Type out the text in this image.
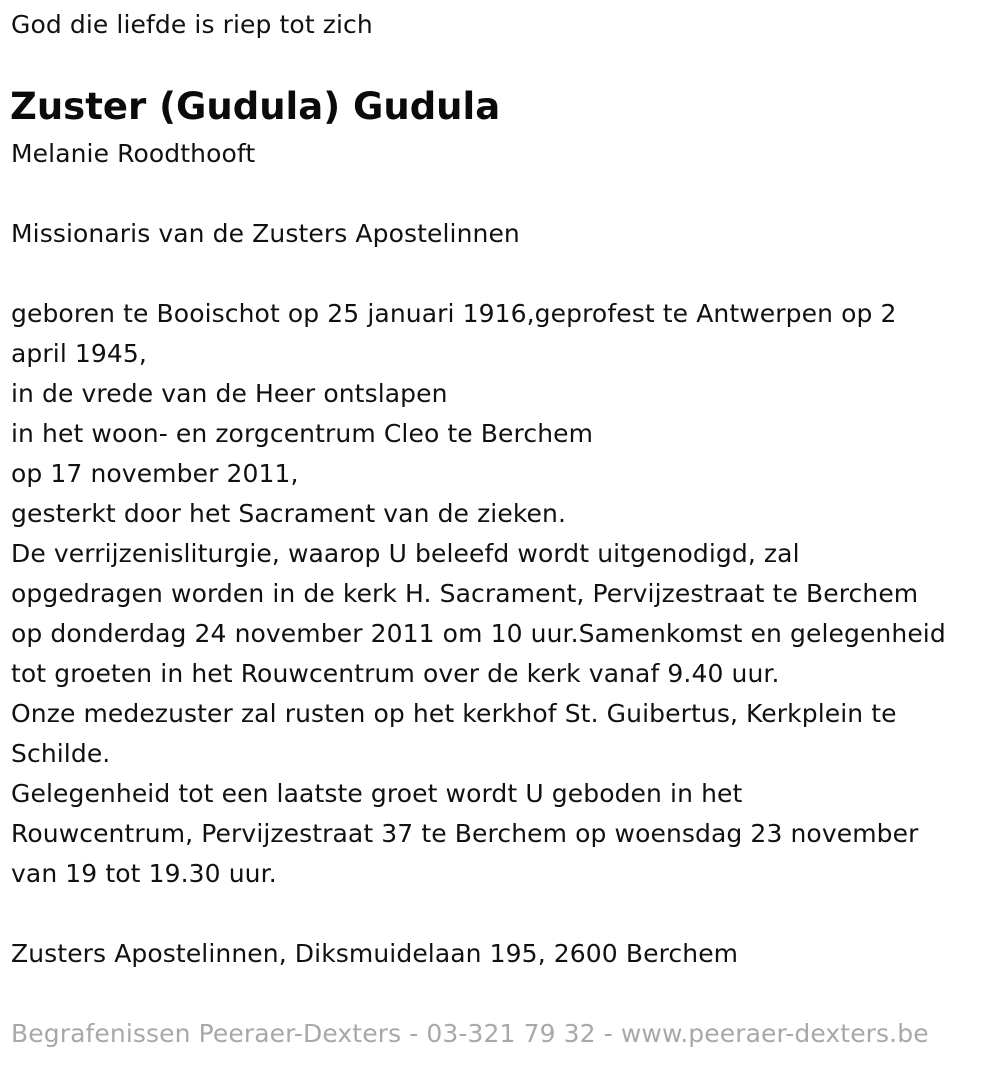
God die liefde is riep tot zich
Zuster (Gudula) Gudula
Melanie Roodthooft
Missionaris van de Zusters Apostelinnen
geboren te Booischot op 25 januari 1916,geprofest te Antwerpen op 2
april 1945,
in de vrede van de Heer ontslapen
in het woon- en zorgcentrum Cleo te Berchem
op 17 november 2011,
gesterkt door het Sacrament van de zieken.
De verrijzenisliturgie, waarop U beleefd wordt uitgenodigd, zal
opgedragen worden in de kerk H. Sacrament, Pervijzestraat te Berchem
op donderdag 24 november 2011 om 10 uur.Samenkomst en gelegenheid
tot groeten in het Rouwcentrum over de kerk vanaf 9.40 uur.
Onze medezuster zal rusten op het kerkhof St. Guibertus, Kerkplein te
Schilde.
Gelegenheid tot een laatste groet wordt U geboden in het
Rouwcentrum, Pervijzestraat 37 te Berchem op woensdag 23 november
van 19 tot 19.30 uur.
Zusters Apostelinnen, Diksmuidelaan 195, 2600 Berchem
Begrafenissen Peeraer-Dexters - 03-321 79 32 - www.peeraer-dexters.be
